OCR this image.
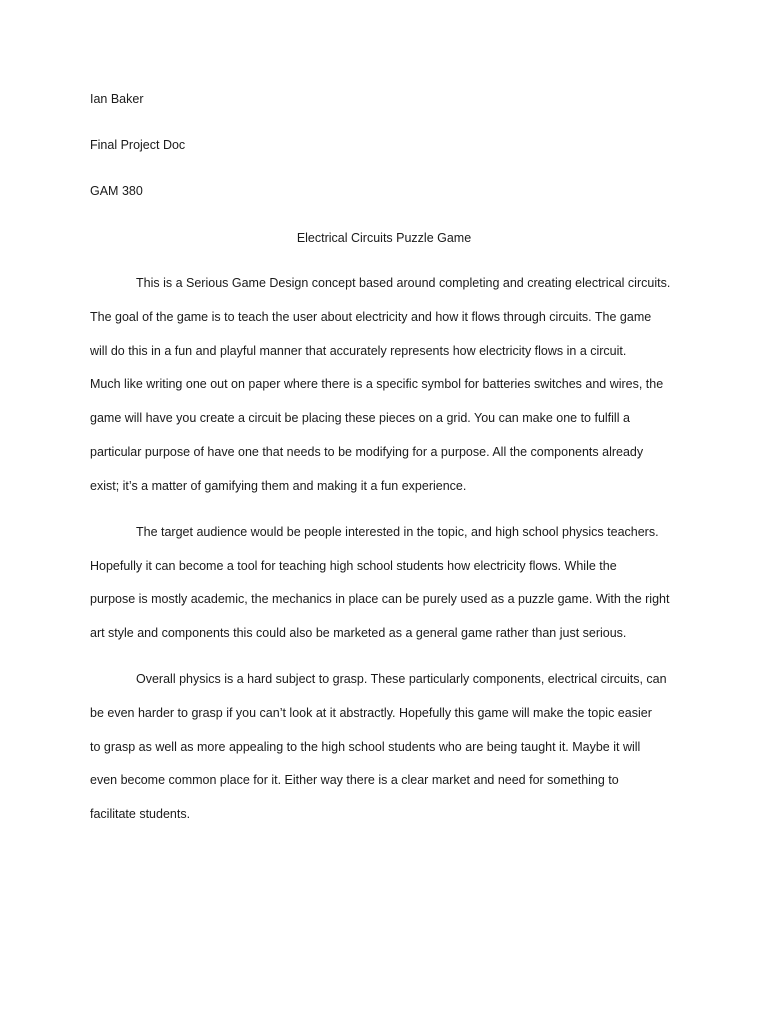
Ian Baker
Final Project Doc
GAM 380
Electrical Circuits Puzzle Game
This is a Serious Game Design concept based around completing and creating electrical circuits.
The goal of the game is to teach the user about electricity and how it flows through circuits. The game
will do this in a fun and playful manner that accurately represents how electricity flows in a circuit.
Much like writing one out on paper where there is a specific symbol for batteries switches and wires, the
game will have you create a circuit be placing these pieces on a grid. You can make one to fulfill a
particular purpose of have one that needs to be modifying for a purpose. All the components already
exist; it’s a matter of gamifying them and making it a fun experience.
The target audience would be people interested in the topic, and high school physics teachers.
Hopefully it can become a tool for teaching high school students how electricity flows. While the
purpose is mostly academic, the mechanics in place can be purely used as a puzzle game. With the right
art style and components this could also be marketed as a general game rather than just serious.
Overall physics is a hard subject to grasp. These particularly components, electrical circuits, can
be even harder to grasp if you can’t look at it abstractly. Hopefully this game will make the topic easier
to grasp as well as more appealing to the high school students who are being taught it. Maybe it will
even become common place for it. Either way there is a clear market and need for something to
facilitate students.
